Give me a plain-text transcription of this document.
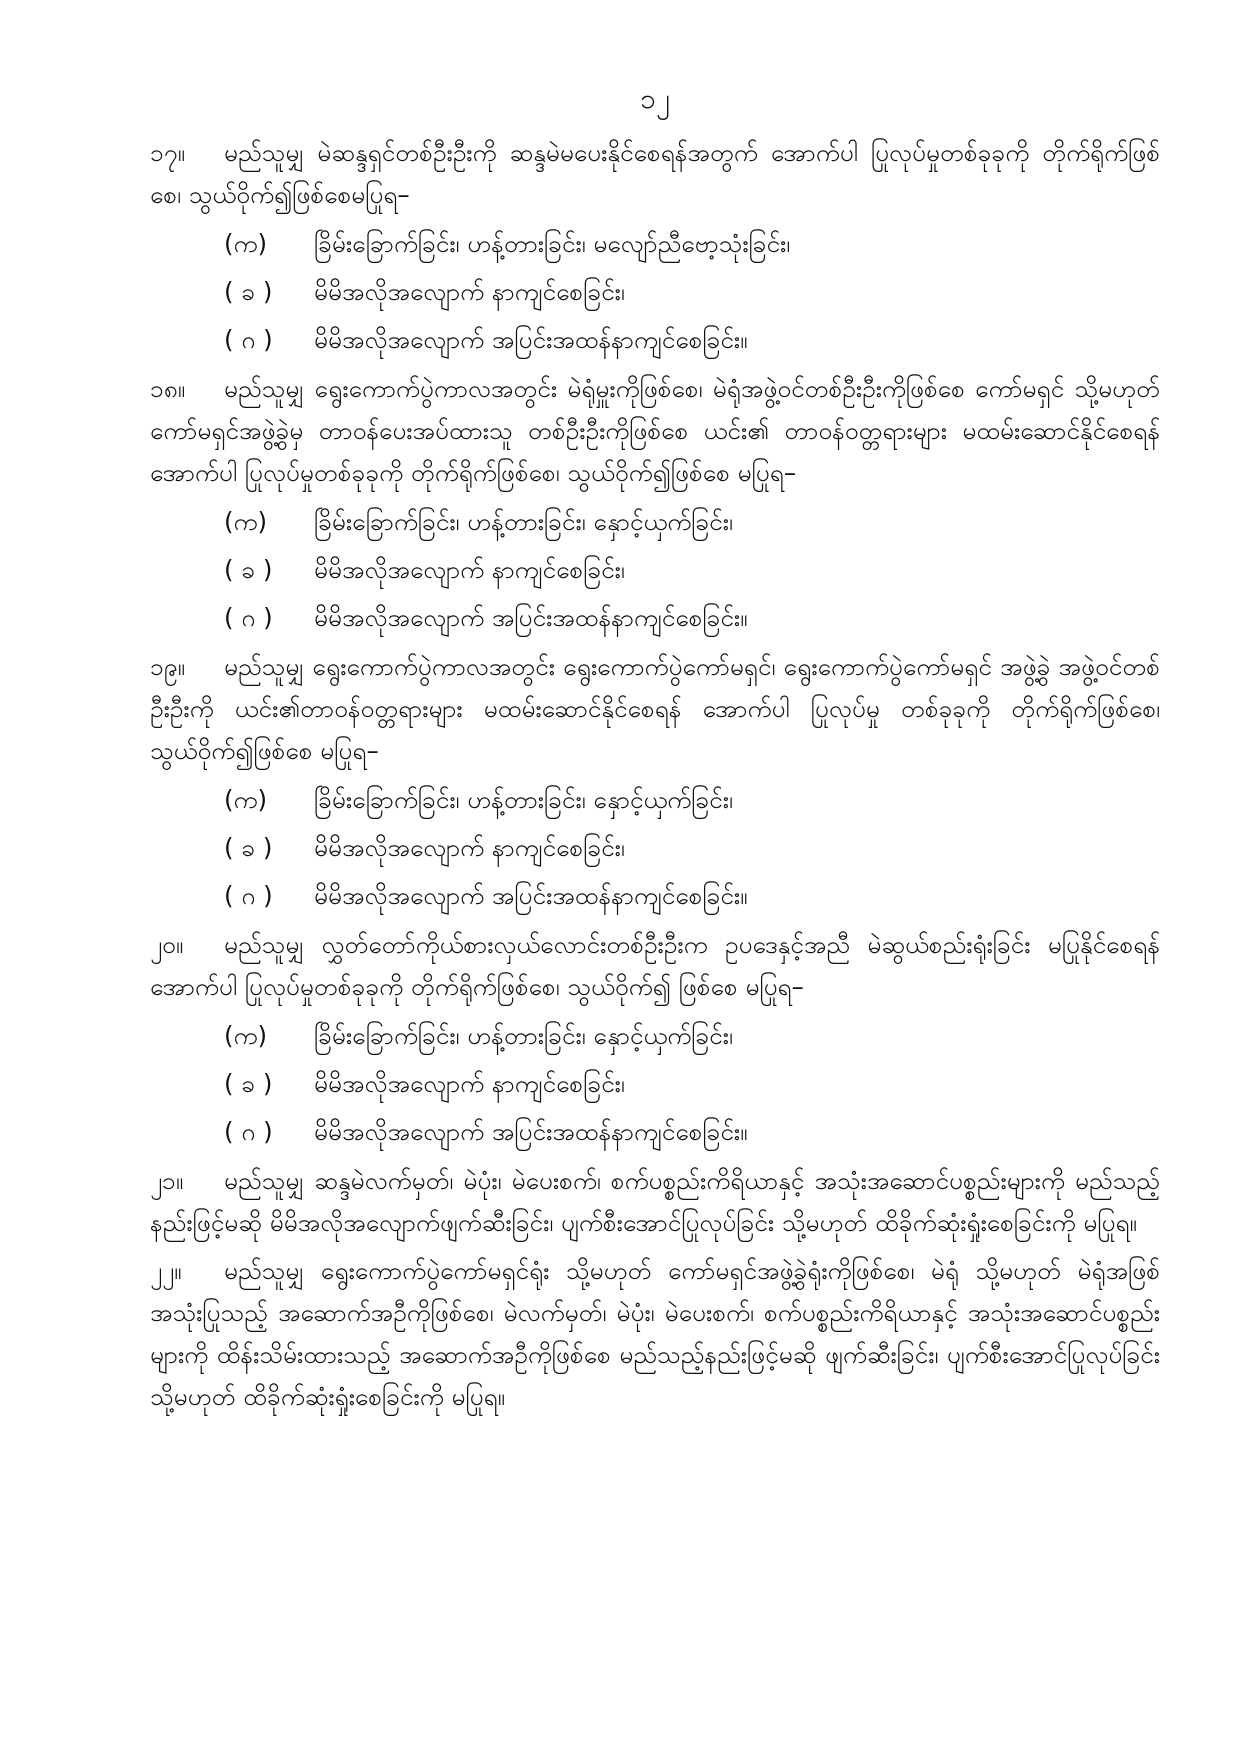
၁၂

၁၇။ မည်သူမျှ မဲဆန္ဒရှင်တစ်ဦးဦးကို ဆန္ဒမဲမပေးနိုင်စေရန်အတွက် အောက်ပါ ပြုလုပ်မှုတစ်ခုခုကို တိုက်ရိုက်ဖြစ်စေ၊ သွယ်ဝိုက်၍ဖြစ်စေမပြုရ–

(က)	ခြိမ်းခြောက်ခြင်း၊ ဟန့်တားခြင်း၊ မလျော်ညီဗော့သုံးခြင်း၊
( ခ )	မိမိအလိုအလျောက် နာကျင်စေခြင်း၊
( ဂ )	မိမိအလိုအလျောက် အပြင်းအထန်နာကျင်စေခြင်း။

၁၈။ မည်သူမျှ ရွေးကောက်ပွဲကာလအတွင်း မဲရုံမှူးကိုဖြစ်စေ၊ မဲရုံအဖွဲ့ဝင်တစ်ဦးဦးကိုဖြစ်စေ ကော်မရှင် သို့မဟုတ် ကော်မရှင်အဖွဲ့ခွဲမှ တာဝန်ပေးအပ်ထားသူ တစ်ဦးဦးကိုဖြစ်စေ ယင်း၏ တာဝန်ဝတ္တရားများ မထမ်းဆောင်နိုင်စေရန် အောက်ပါ ပြုလုပ်မှုတစ်ခုခုကို တိုက်ရိုက်ဖြစ်စေ၊ သွယ်ဝိုက်၍ဖြစ်စေ မပြုရ–

(က)	ခြိမ်းခြောက်ခြင်း၊ ဟန့်တားခြင်း၊ နှောင့်ယှက်ခြင်း၊
( ခ )	မိမိအလိုအလျောက် နာကျင်စေခြင်း၊
( ဂ )	မိမိအလိုအလျောက် အပြင်းအထန်နာကျင်စေခြင်း။

၁၉။ မည်သူမျှ ရွေးကောက်ပွဲကာလအတွင်း ရွေးကောက်ပွဲကော်မရှင်၊ ရွေးကောက်ပွဲကော်မရှင် အဖွဲ့ခွဲ အဖွဲ့ဝင်တစ်ဦးဦးကို ယင်း၏တာဝန်ဝတ္တရားများ မထမ်းဆောင်နိုင်စေရန် အောက်ပါ ပြုလုပ်မှု တစ်ခုခုကို တိုက်ရိုက်ဖြစ်စေ၊ သွယ်ဝိုက်၍ဖြစ်စေ မပြုရ–

(က)	ခြိမ်းခြောက်ခြင်း၊ ဟန့်တားခြင်း၊ နှောင့်ယှက်ခြင်း၊
( ခ )	မိမိအလိုအလျောက် နာကျင်စေခြင်း၊
( ဂ )	မိမိအလိုအလျောက် အပြင်းအထန်နာကျင်စေခြင်း။

၂၀။ မည်သူမျှ လွှတ်တော်ကိုယ်စားလှယ်လောင်းတစ်ဦးဦးက ဥပဒေနှင့်အညီ မဲဆွယ်စည်းရုံးခြင်း မပြုနိုင်စေရန် အောက်ပါ ပြုလုပ်မှုတစ်ခုခုကို တိုက်ရိုက်ဖြစ်စေ၊ သွယ်ဝိုက်၍ ဖြစ်စေ မပြုရ–

(က)	ခြိမ်းခြောက်ခြင်း၊ ဟန့်တားခြင်း၊ နှောင့်ယှက်ခြင်း၊
( ခ )	မိမိအလိုအလျောက် နာကျင်စေခြင်း၊
( ဂ )	မိမိအလိုအလျောက် အပြင်းအထန်နာကျင်စေခြင်း။

၂၁။ မည်သူမျှ ဆန္ဒမဲလက်မှတ်၊ မဲပုံး၊ မဲပေးစက်၊ စက်ပစ္စည်းကိရိယာနှင့် အသုံးအဆောင်ပစ္စည်းများကို မည်သည့်နည်းဖြင့်မဆို မိမိအလိုအလျောက်ဖျက်ဆီးခြင်း၊ ပျက်စီးအောင်ပြုလုပ်ခြင်း သို့မဟုတ် ထိခိုက်ဆုံးရှုံးစေခြင်းကို မပြုရ။

၂၂။ မည်သူမျှ ရွေးကောက်ပွဲကော်မရှင်ရုံး သို့မဟုတ် ကော်မရှင်အဖွဲ့ခွဲရုံးကိုဖြစ်စေ၊ မဲရုံ သို့မဟုတ် မဲရုံအဖြစ် အသုံးပြုသည့် အဆောက်အဦကိုဖြစ်စေ၊ မဲလက်မှတ်၊ မဲပုံး၊ မဲပေးစက်၊ စက်ပစ္စည်းကိရိယာနှင့် အသုံးအဆောင်ပစ္စည်းများကို ထိန်းသိမ်းထားသည့် အဆောက်အဦကိုဖြစ်စေ မည်သည့်နည်းဖြင့်မဆို ဖျက်ဆီးခြင်း၊ ပျက်စီးအောင်ပြုလုပ်ခြင်း သို့မဟုတ် ထိခိုက်ဆုံးရှုံးစေခြင်းကို မပြုရ။
